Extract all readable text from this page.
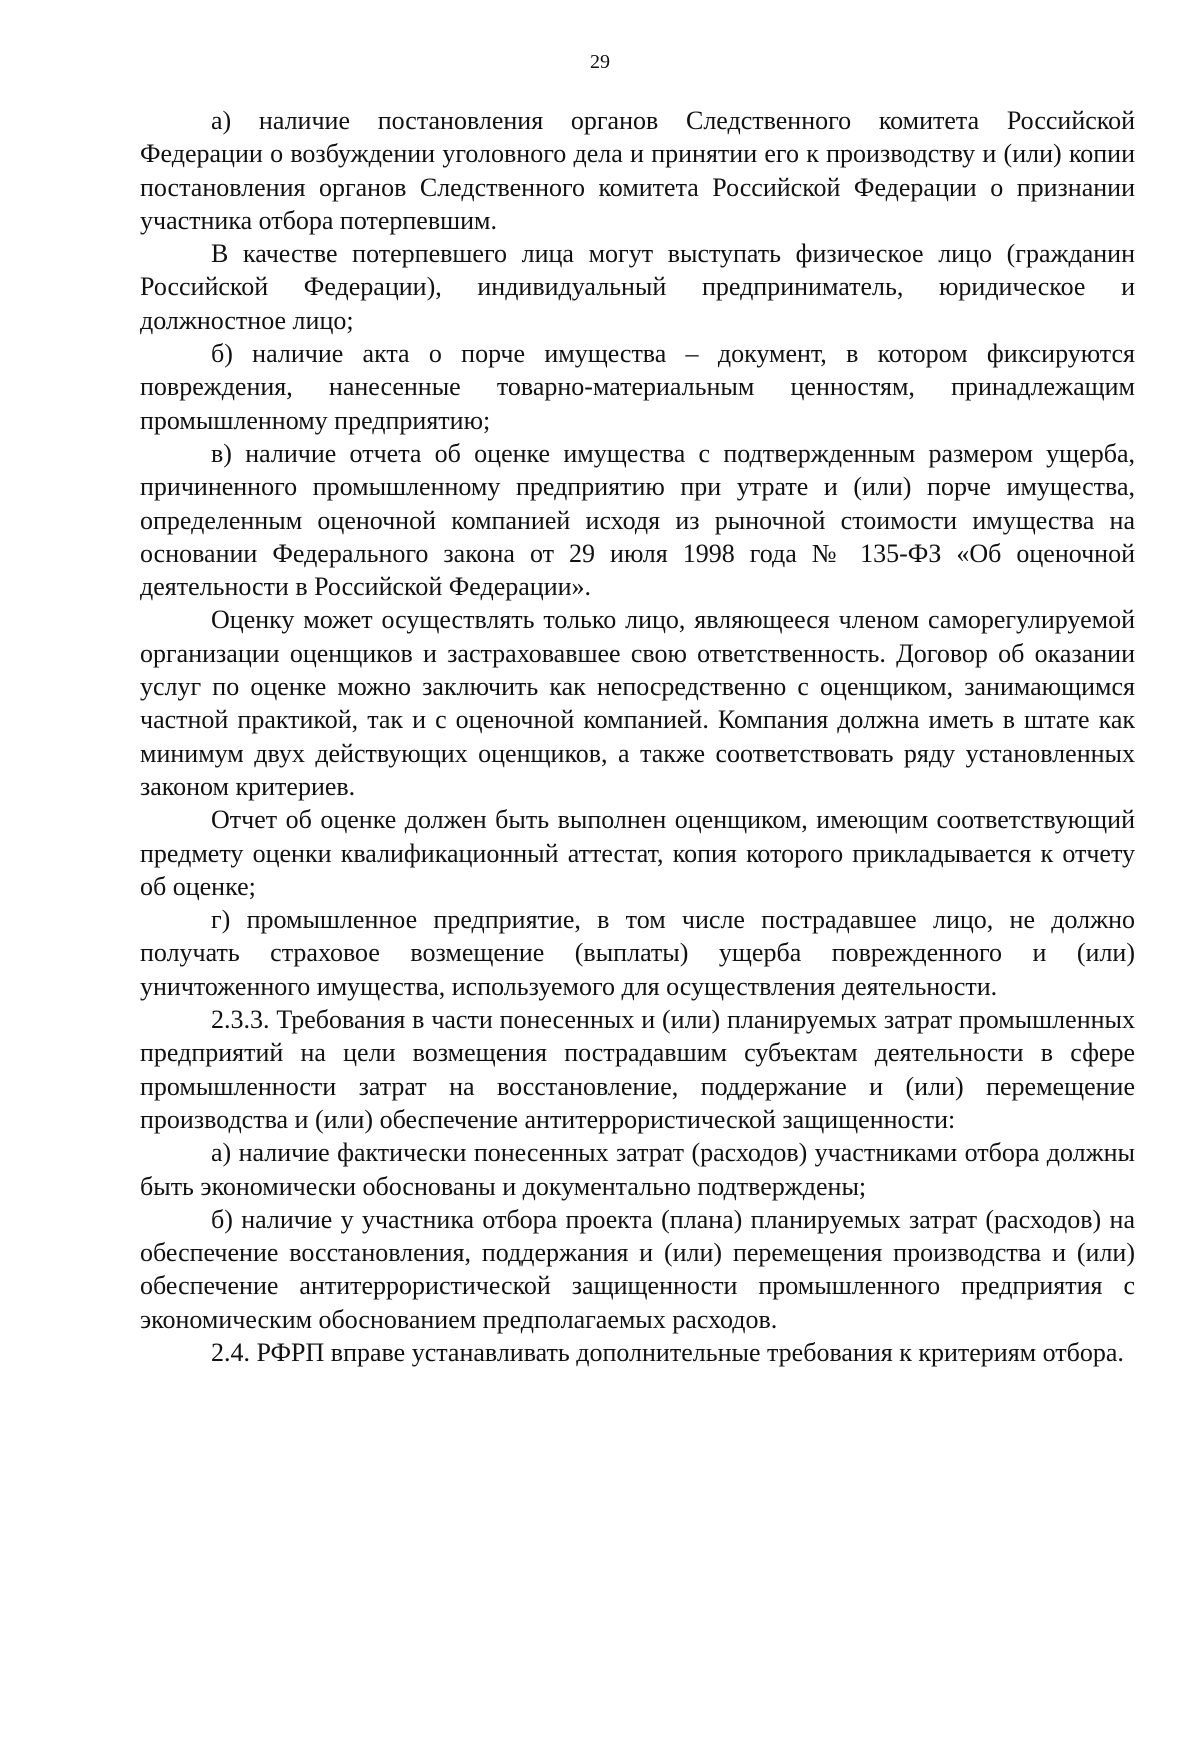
29

а) наличие постановления органов Следственного комитета Российской Федерации о возбуждении уголовного дела и принятии его к производству и (или) копии постановления органов Следственного комитета Российской Федерации о признании участника отбора потерпевшим.

В качестве потерпевшего лица могут выступать физическое лицо (гражданин Российской Федерации), индивидуальный предприниматель, юридическое и должностное лицо;

б) наличие акта о порче имущества – документ, в котором фиксируются повреждения, нанесенные товарно-материальным ценностям, принадлежащим промышленному предприятию;

в) наличие отчета об оценке имущества с подтвержденным размером ущерба, причиненного промышленному предприятию при утрате и (или) порче имущества, определенным оценочной компанией исходя из рыночной стоимости имущества на основании Федерального закона от 29 июля 1998 года № 135-ФЗ «Об оценочной деятельности в Российской Федерации».

Оценку может осуществлять только лицо, являющееся членом саморегулируемой организации оценщиков и застраховавшее свою ответственность. Договор об оказании услуг по оценке можно заключить как непосредственно с оценщиком, занимающимся частной практикой, так и с оценочной компанией. Компания должна иметь в штате как минимум двух действующих оценщиков, а также соответствовать ряду установленных законом критериев.

Отчет об оценке должен быть выполнен оценщиком, имеющим соответствующий предмету оценки квалификационный аттестат, копия которого прикладывается к отчету об оценке;

г) промышленное предприятие, в том числе пострадавшее лицо, не должно получать страховое возмещение (выплаты) ущерба поврежденного и (или) уничтоженного имущества, используемого для осуществления деятельности.

2.3.3. Требования в части понесенных и (или) планируемых затрат промышленных предприятий на цели возмещения пострадавшим субъектам деятельности в сфере промышленности затрат на восстановление, поддержание и (или) перемещение производства и (или) обеспечение антитеррористической защищенности:

а) наличие фактически понесенных затрат (расходов) участниками отбора должны быть экономически обоснованы и документально подтверждены;

б) наличие у участника отбора проекта (плана) планируемых затрат (расходов) на обеспечение восстановления, поддержания и (или) перемещения производства и (или) обеспечение антитеррористической защищенности промышленного предприятия с экономическим обоснованием предполагаемых расходов.

2.4. РФРП вправе устанавливать дополнительные требования к критериям отбора.
